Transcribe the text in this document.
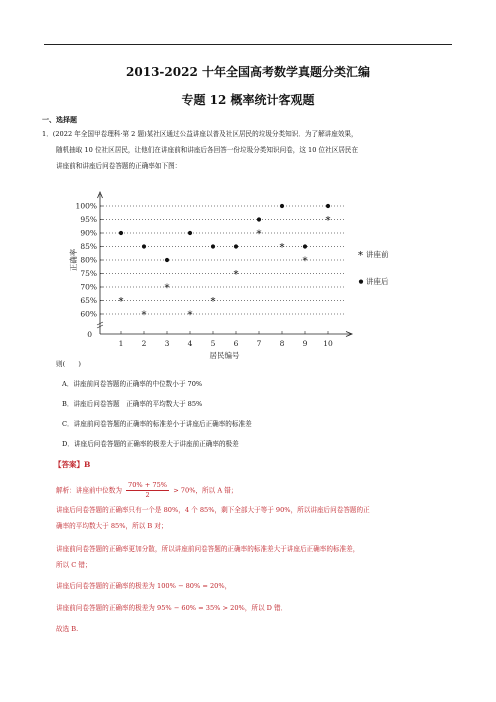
2013-2022 十年全国高考数学真题分类汇编
专题 12 概率统计客观题
一、选择题
1．(2022 年全国甲卷理科·第 2 题)某社区通过公益讲座以普及社区居民的垃圾分类知识．为了解讲座效果，
随机抽取 10 位社区居民，让他们在讲座前和讲座后各回答一份垃圾分类知识问卷，这 10 位社区居民在
讲座前和讲座后问卷答题的正确率如下图：
正确率
60%
65%
70%
75%
80%
85%
90%
95%
100%
0
1 2 3 4 5 6 7 8 9 10
居民编号
*
*
*
*
*
*
*
*
*
*
* 讲座前
讲座后
则(　　)
A．讲座前问卷答题的正确率的中位数小于 70%
B．讲座后问卷答题　正确率的平均数大于 85%
C．讲座前问卷答题的正确率的标准差小于讲座后正确率的标准差
D．讲座后问卷答题的正确率的极差大于讲座前正确率的极差
【答案】B
解析：讲座前中位数为 $\frac{70\% + 75\%}{2} > 70\%$，所以 A 错；
讲座后问卷答题的正确率只有一个是 80%，4 个 85%，剩下全部大于等于 90%，所以讲座后问卷答题的正
确率的平均数大于 85%，所以 B 对；
讲座前问卷答题的正确率更加分散，所以讲座前问卷答题的正确率的标准差大于讲座后正确率的标准差，
所以 C 错；
讲座后问卷答题的正确率的极差为 100% − 80% = 20%，
讲座前问卷答题的正确率的极差为 95% − 60% = 35% > 20%，所以 D 错．
故选 B.
